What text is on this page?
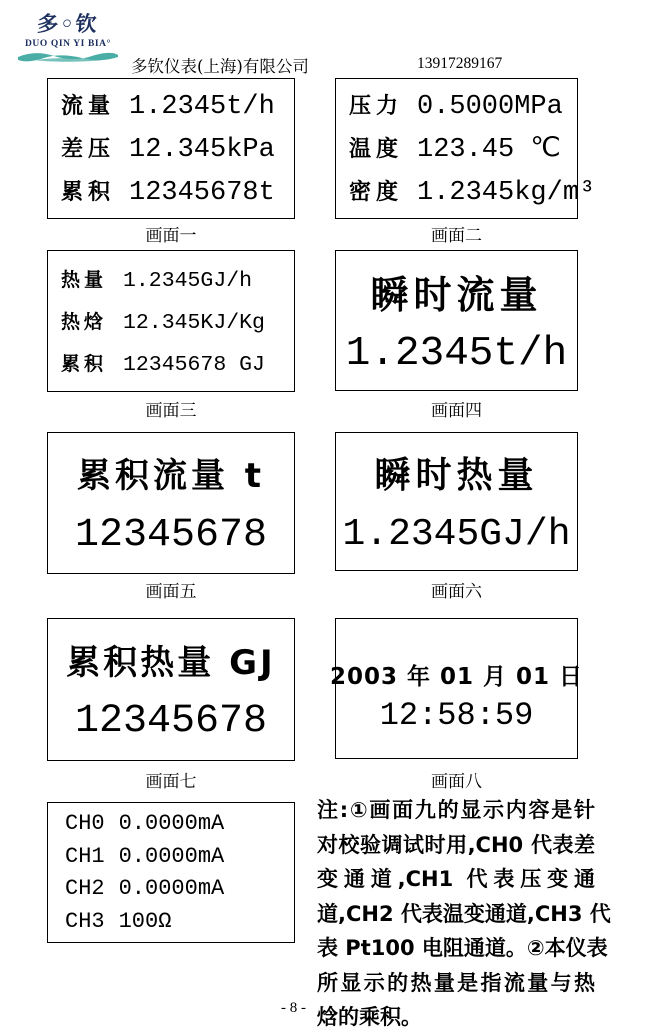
多◦钦
DUO QIN YI BIA°
多钦仪表(上海)有限公司	13917289167
流量 1.2345t/h
差压 12.345kPa
累积 12345678t
画面一
压力 0.5000MPa
温度 123.45 ℃
密度 1.2345kg/m³
画面二
热量 1.2345GJ/h
热焓 12.345KJ/Kg
累积 12345678 GJ
画面三
瞬时流量
1.2345t/h
画面四
累积流量 t
12345678
画面五
瞬时热量
1.2345GJ/h
画面六
累积热量 GJ
12345678
画面七
2003 年 01 月 01 日
12:58:59
画面八
CH0 0.0000mA
CH1 0.0000mA
CH2 0.0000mA
CH3 100Ω
注:①画面九的显示内容是针
对校验调试时用,CH0 代表差
变通道,CH1 代表压变通
道,CH2 代表温变通道,CH3 代
表 Pt100 电阻通道。②本仪表
所显示的热量是指流量与热
焓的乘积。
- 8 -
